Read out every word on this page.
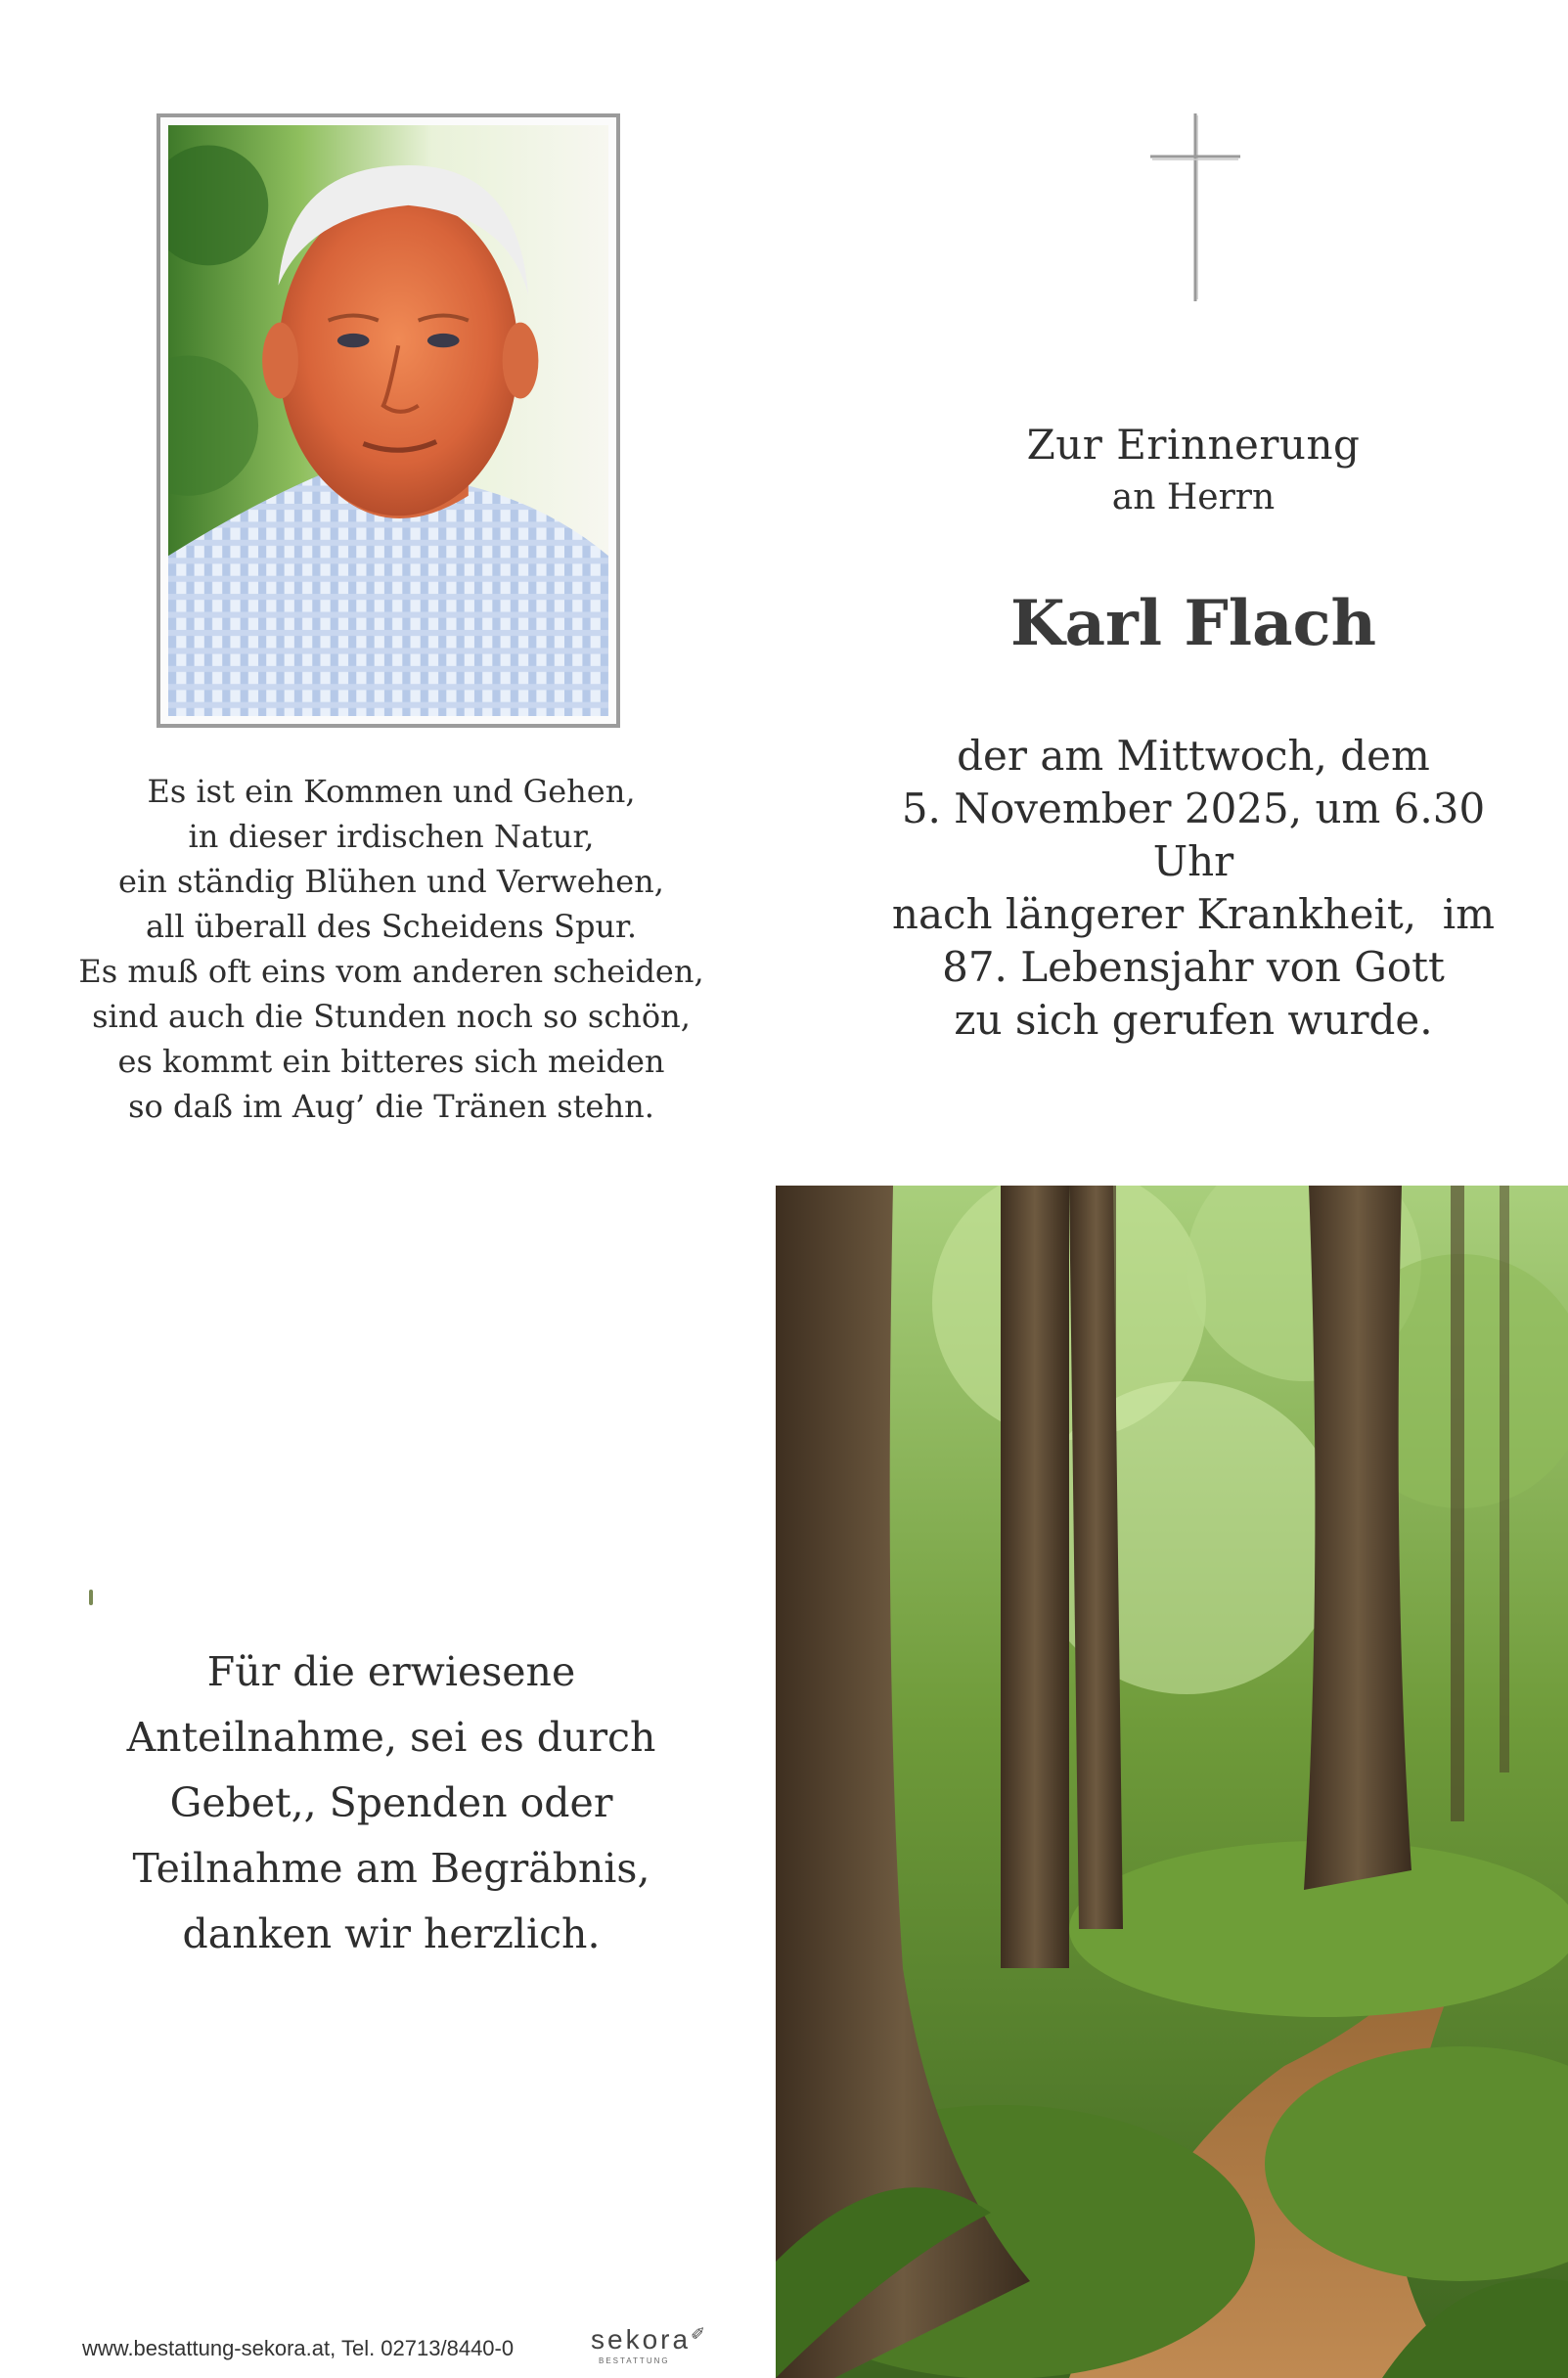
Zur Erinnerung
an Herrn
Karl Flach
der am Mittwoch, dem
5. November 2025, um 6.30 Uhr
nach längerer Krankheit,  im
87. Lebensjahr von Gott
zu sich gerufen wurde.
Es ist ein Kommen und Gehen,
in dieser irdischen Natur,
ein ständig Blühen und Verwehen,
all überall des Scheidens Spur.
Es muß oft eins vom anderen scheiden,
sind auch die Stunden noch so schön,
es kommt ein bitteres sich meiden
so daß im Aug’ die Tränen stehn.
Für die erwiesene
Anteilnahme, sei es durch
Gebet,, Spenden oder
Teilnahme am Begräbnis,
danken wir herzlich.
www.bestattung-sekora.at, Tel. 02713/8440-0	sekora✐
BESTATTUNG
